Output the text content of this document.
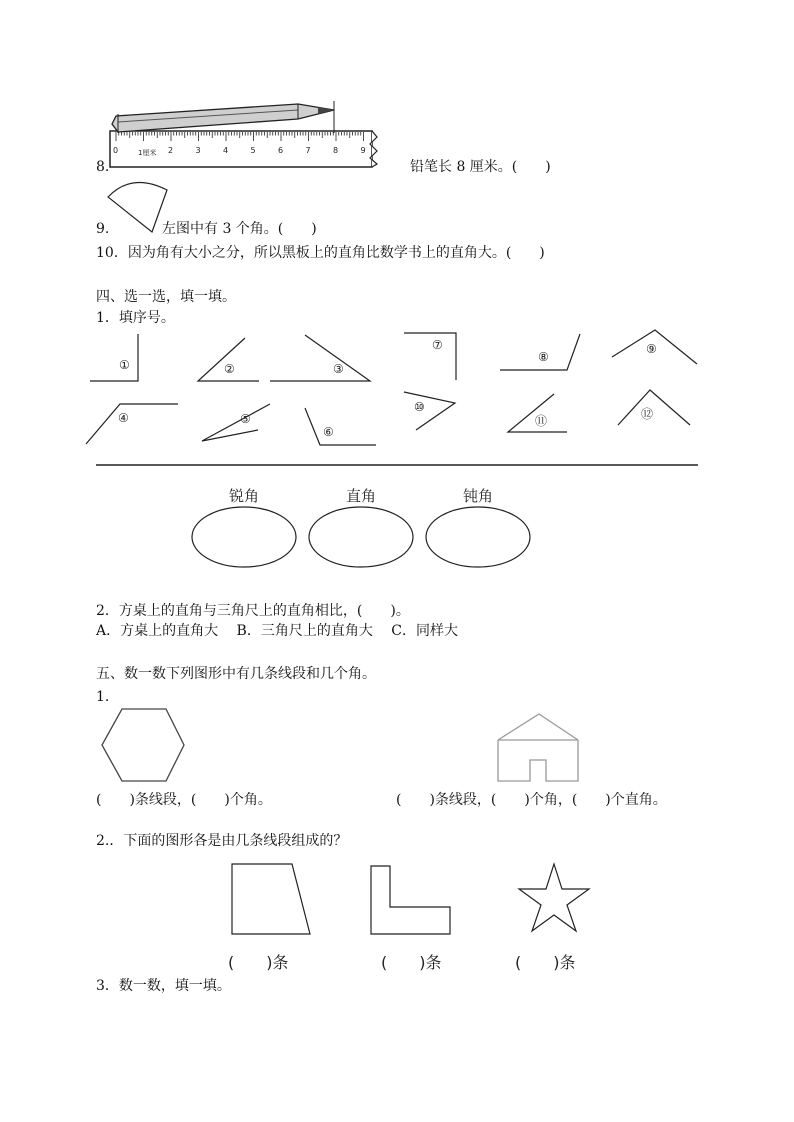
1厘米
0	2	3	4	5	6	7	8	9
8.	铅笔长 8 厘米。(　　)
9.	左图中有 3 个角。(　　)
10．因为角有大小之分，所以黑板上的直角比数学书上的直角大。(　　)
四、选一选，填一填。
1．填序号。
①	②	③
⑦
⑧
⑨
④	⑤
⑥
⑩
⑪	⑫
锐角	直角	钝角
2．方桌上的直角与三角尺上的直角相比，(　　)。
A．方桌上的直角大　 B．三角尺上的直角大　 C．同样大
五、数一数下列图形中有几条线段和几个角。
1.
(　　)条线段，(　　)个角。	(　　)条线段，(　　)个角，(　　)个直角。
2.．下面的图形各是由几条线段组成的？
(　　)条	(　　)条	(　　)条
3．数一数，填一填。
